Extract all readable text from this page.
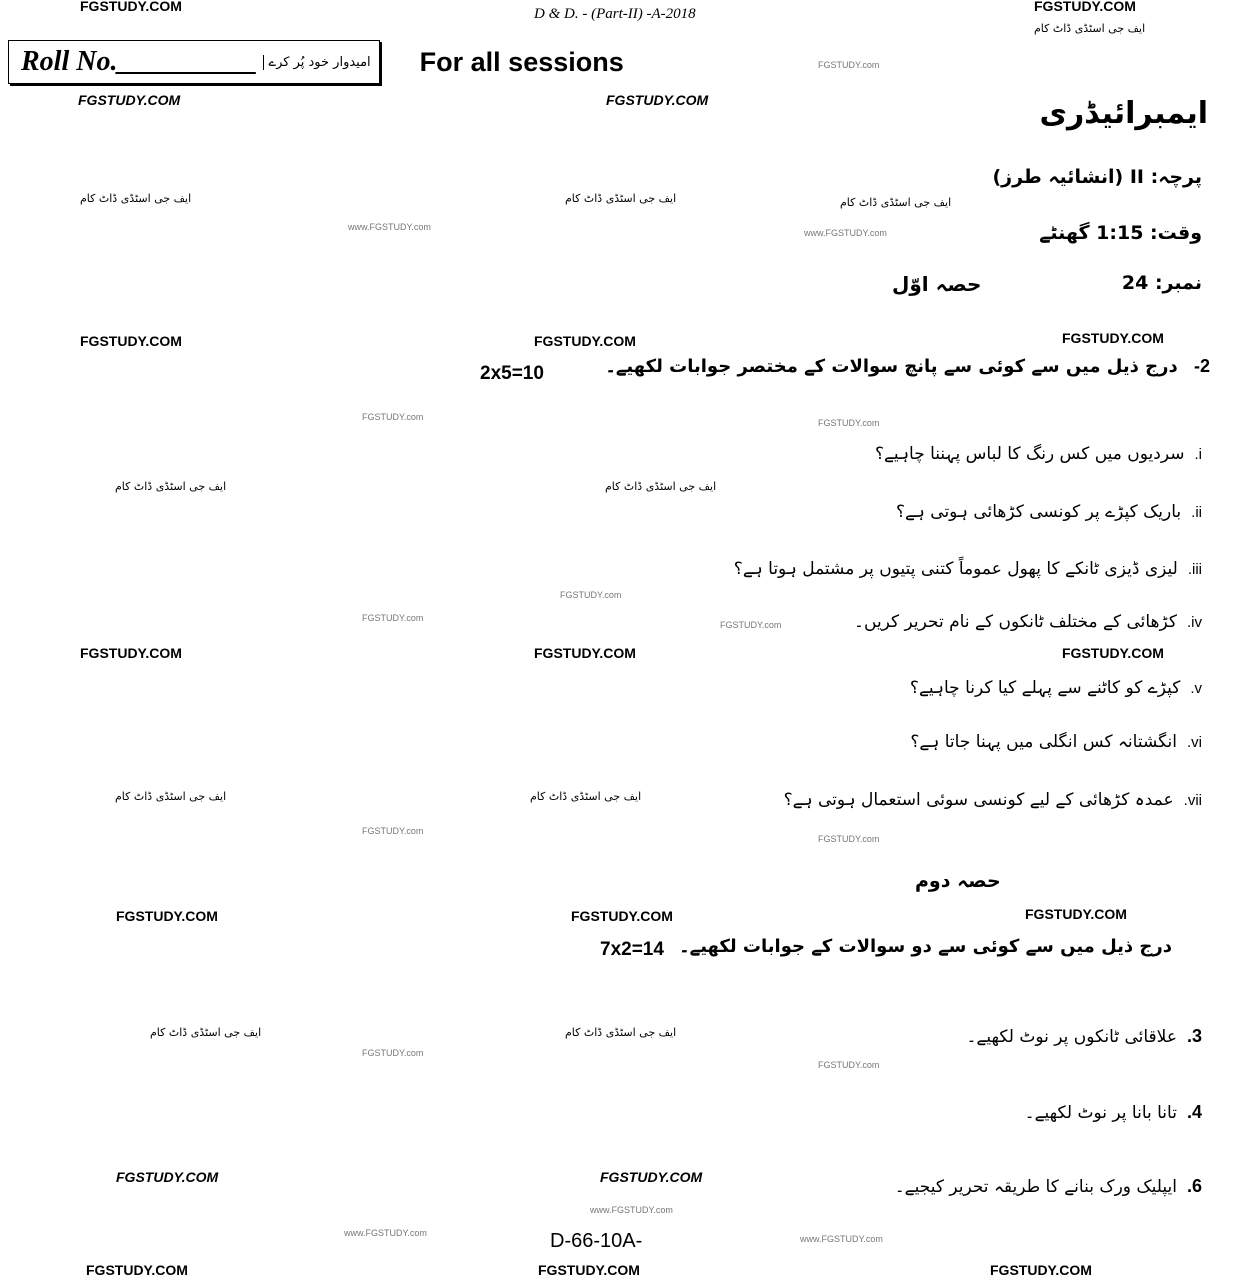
FGSTUDY.COM	FGSTUDY.COM
ایف جی اسٹڈی ڈاٹ کام
FGSTUDY.com
FGSTUDY.COM	FGSTUDY.COM
ایف جی اسٹڈی ڈاٹ کام	ایف جی اسٹڈی ڈاٹ کام	ایف جی اسٹڈی ڈاٹ کام
www.FGSTUDY.com
www.FGSTUDY.com
FGSTUDY.COM	FGSTUDY.COM	FGSTUDY.COM
FGSTUDY.com
FGSTUDY.com
ایف جی اسٹڈی ڈاٹ کام	ایف جی اسٹڈی ڈاٹ کام
FGSTUDY.com
FGSTUDY.com
FGSTUDY.com
FGSTUDY.COM	FGSTUDY.COM	FGSTUDY.COM
ایف جی اسٹڈی ڈاٹ کام	ایف جی اسٹڈی ڈاٹ کام
FGSTUDY.com
FGSTUDY.com
FGSTUDY.COM	FGSTUDY.COM	FGSTUDY.COM
ایف جی اسٹڈی ڈاٹ کام	ایف جی اسٹڈی ڈاٹ کام
FGSTUDY.com
FGSTUDY.com
FGSTUDY.COM	FGSTUDY.COM
www.FGSTUDY.com
www.FGSTUDY.com
www.FGSTUDY.com
FGSTUDY.COM	FGSTUDY.COM	FGSTUDY.COM
D & D. - (Part-II) -A-2018
Roll No.__________ امیدوار خود پُر کرے For all sessions
ایمبرائیڈری
پرچہ: II (انشائیہ طرز)
وقت: 1:15 گھنٹے
نمبر: 24
حصہ اوّل
2- درج ذیل میں سے کوئی سے پانچ سوالات کے مختصر جوابات لکھیے۔
2x5=10
i.سردیوں میں کس رنگ کا لباس پہننا چاہیے؟
ii.باریک کپڑے پر کونسی کڑھائی ہوتی ہے؟
iii.لیزی ڈیزی ٹانکے کا پھول عموماً کتنی پتیوں پر مشتمل ہوتا ہے؟
iv.کڑھائی کے مختلف ٹانکوں کے نام تحریر کریں۔
v.کپڑے کو کاٹنے سے پہلے کیا کرنا چاہیے؟
vi.انگشتانہ کس انگلی میں پہنا جاتا ہے؟
vii.عمدہ کڑھائی کے لیے کونسی سوئی استعمال ہوتی ہے؟
حصہ دوم
درج ذیل میں سے کوئی سے دو سوالات کے جوابات لکھیے۔
7x2=14
3.علاقائی ٹانکوں پر نوٹ لکھیے۔
4.تانا بانا پر نوٹ لکھیے۔
6.ایپلیک ورک بنانے کا طریقہ تحریر کیجیے۔
D-66-10A-
